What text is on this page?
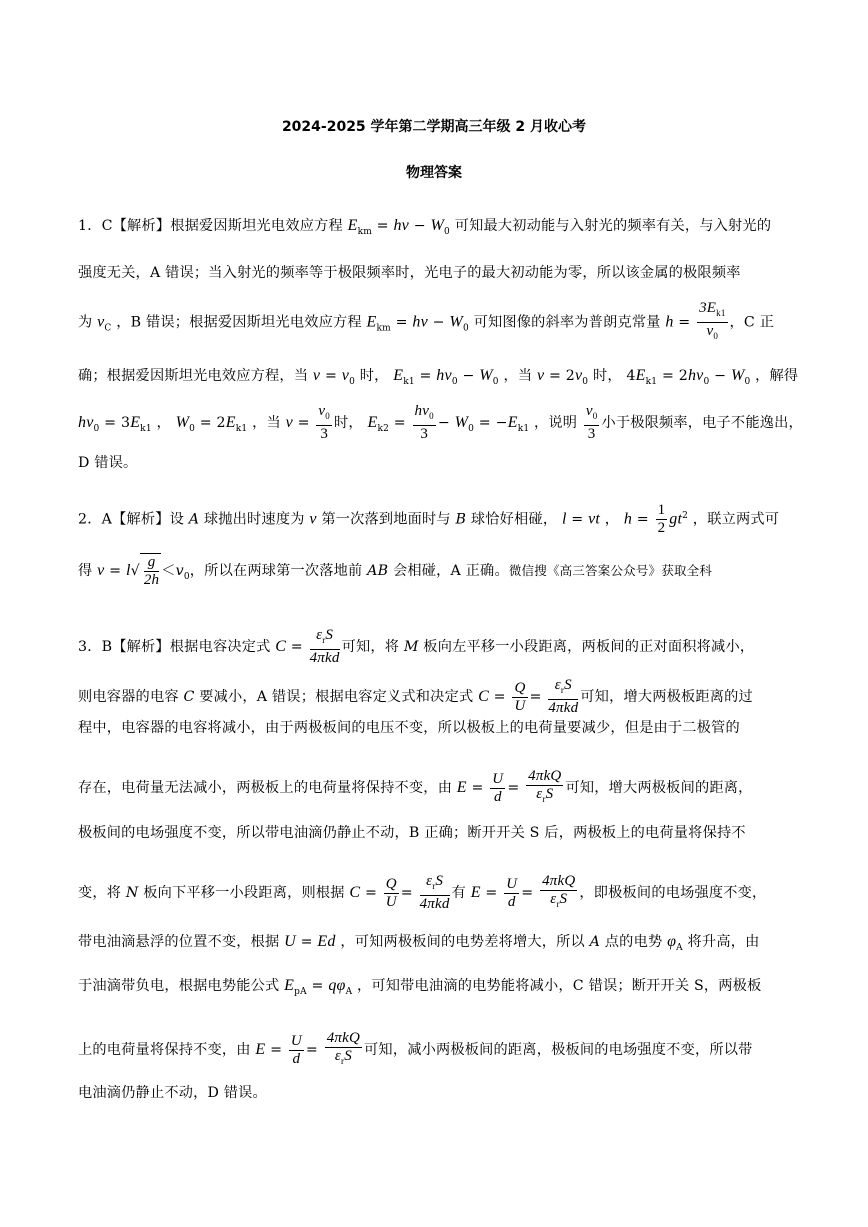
2024-2025 学年第二学期高三年级 2 月收心考
物理答案
1．C【解析】根据爱因斯坦光电效应方程 $E_{km} = h\nu - W_0$ 可知最大初动能与入射光的频率有关，与入射光的
强度无关，A 错误；当入射光的频率等于极限频率时，光电子的最大初动能为零，所以该金属的极限频率
为 $\nu_C$ ，B 错误；根据爱因斯坦光电效应方程 $E_{km} = h\nu - W_0$ 可知图像的斜率为普朗克常量 $h = \frac{3E_{k1}}{\nu_0}$ ，C 正
确；根据爱因斯坦光电效应方程，当 $\nu = \nu_0$ 时， $E_{k1} = h\nu_0 - W_0$ ，当 $\nu = 2\nu_0$ 时， $4E_{k1} = 2h\nu_0 - W_0$ ，解得
$h\nu_0 = 3E_{k1}$ ， $W_0 = 2E_{k1}$ ，当 $\nu = \frac{\nu_0}{3}$ 时， $E_{k2} = \frac{h\nu_0}{3} - W_0 = -E_{k1}$ ，说明 $\frac{\nu_0}{3}$ 小于极限频率，电子不能逸出，
D 错误。
2．A【解析】设 A 球抛出时速度为 v 第一次落到地面时与 B 球恰好相碰， l = vt ， $h = \frac{1}{2} gt^2$ ，联立两式可
得 $v = l√ \frac{g}{2h} <v_0$，所以在两球第一次落地前 AB 会相碰，A 正确。微信搜《高三答案公众号》获取全科
3．B【解析】根据电容决定式 C =
$\varepsilon_rS$
4πkd
可知，将 M 板向左平移一小段距离，两板间的正对面积将减小，
则电容器的电容 C 要减小，A 错误；根据电容定义式和决定式 $C = \frac{Q}{U}$ =
$\varepsilon_rS$
4πkd
可知，增大两极板距离的过
程中，电容器的电容将减小，由于两极板间的电压不变，所以极板上的电荷量要减少，但是由于二极管的
存在，电荷量无法减小，两极板上的电荷量将保持不变，由 $E = \frac{U}{d}$ =
4πkQ
$\varepsilon_rS$ 可知，增大两极板间的距离，
极板间的电场强度不变，所以带电油滴仍静止不动，B 正确；断开开关 S 后，两极板上的电荷量将保持不
变，将 N 板向下平移一小段距离，则根据 $C = \frac{Q}{U}$ =
$\varepsilon_rS$
4πkd
有 $E = \frac{U}{d}$ =
4πkQ
$\varepsilon_rS$ ，即极板间的电场强度不变，
带电油滴悬浮的位置不变，根据 U = Ed ，可知两极板间的电势差将增大，所以 A 点的电势 $\varphi_A$ 将升高，由
于油滴带负电，根据电势能公式 $E_{pA} = q\varphi_A$ ，可知带电油滴的电势能将减小，C 错误；断开开关 S，两极板
上的电荷量将保持不变，由 $E = \frac{U}{d}$ =
4πkQ
$\varepsilon_rS$ 可知，减小两极板间的距离，极板间的电场强度不变，所以带
电油滴仍静止不动，D 错误。
